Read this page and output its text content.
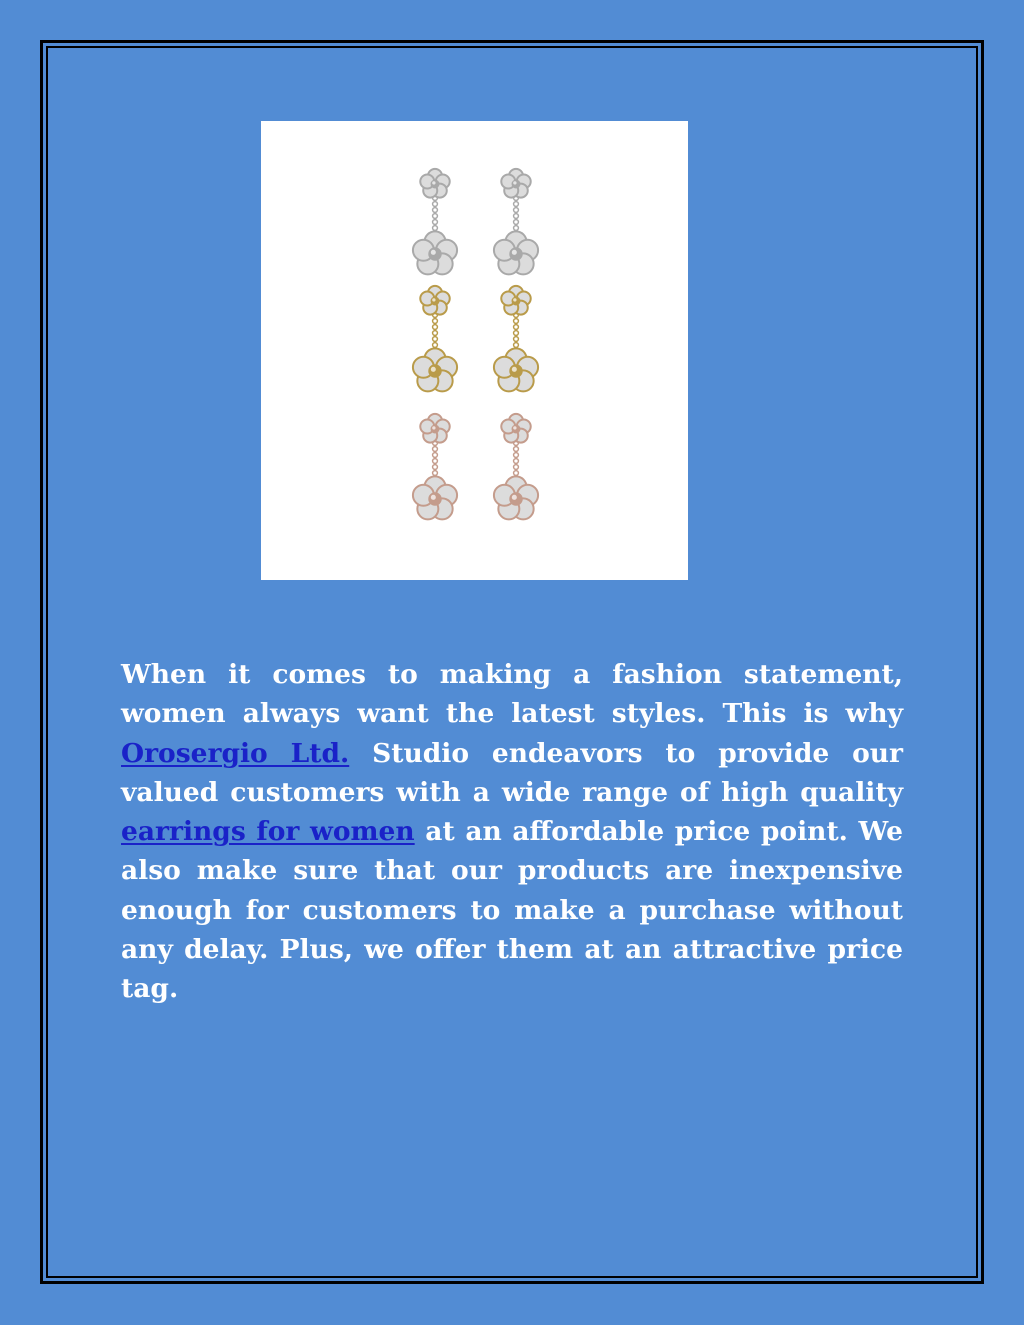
When it comes to making a fashion statement, women always want the latest styles. This is why Orosergio Ltd. Studio endeavors to provide our valued customers with a wide range of high quality earrings for women at an affordable price point. We also make sure that our products are inexpensive enough for customers to make a purchase without any delay. Plus, we offer them at an attractive price tag.
